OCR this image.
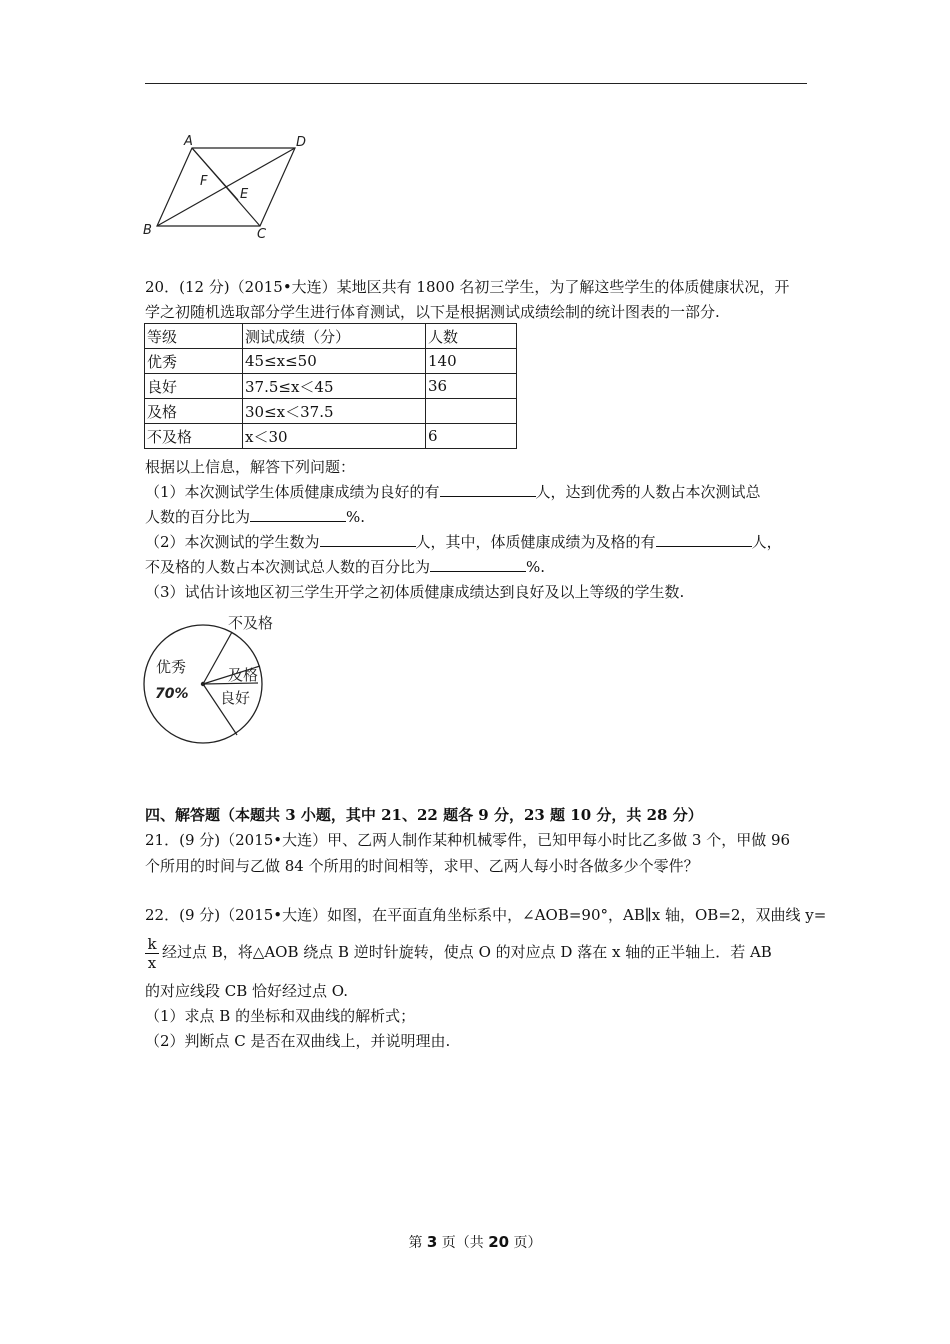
A	D
F
E
B	C
20．(12 分)（2015•大连）某地区共有 1800 名初三学生，为了解这些学生的体质健康状况，开
学之初随机选取部分学生进行体育测试，以下是根据测试成绩绘制的统计图表的一部分.
等级	测试成绩（分）	人数
优秀	45≤x≤50	140
良好	37.5≤x＜45	36
及格	30≤x＜37.5	
不及格	x＜30	6
根据以上信息，解答下列问题：
（1）本次测试学生体质健康成绩为良好的有	人，达到优秀的人数占本次测试总
人数的百分比为	%.
（2）本次测试的学生数为	人，其中，体质健康成绩为及格的有	人，
不及格的人数占本次测试总人数的百分比为	%.
（3）试估计该地区初三学生开学之初体质健康成绩达到良好及以上等级的学生数.
优秀
不及格
及格
良好
70%
四、解答题（本题共 3 小题，其中 21、22 题各 9 分，23 题 10 分，共 28 分）
21．(9 分)（2015•大连）甲、乙两人制作某种机械零件，已知甲每小时比乙多做 3 个，甲做 96
个所用的时间与乙做 84 个所用的时间相等，求甲、乙两人每小时各做多少个零件？
22．(9 分)（2015•大连）如图，在平面直角坐标系中，∠AOB=90°，AB∥x 轴，OB=2，双曲线 y=
k
x
经过点 B，将△AOB 绕点 B 逆时针旋转，使点 O 的对应点 D 落在 x 轴的正半轴上．若 AB
的对应线段 CB 恰好经过点 O.
（1）求点 B 的坐标和双曲线的解析式；
（2）判断点 C 是否在双曲线上，并说明理由.
第 3 页（共 20 页）
